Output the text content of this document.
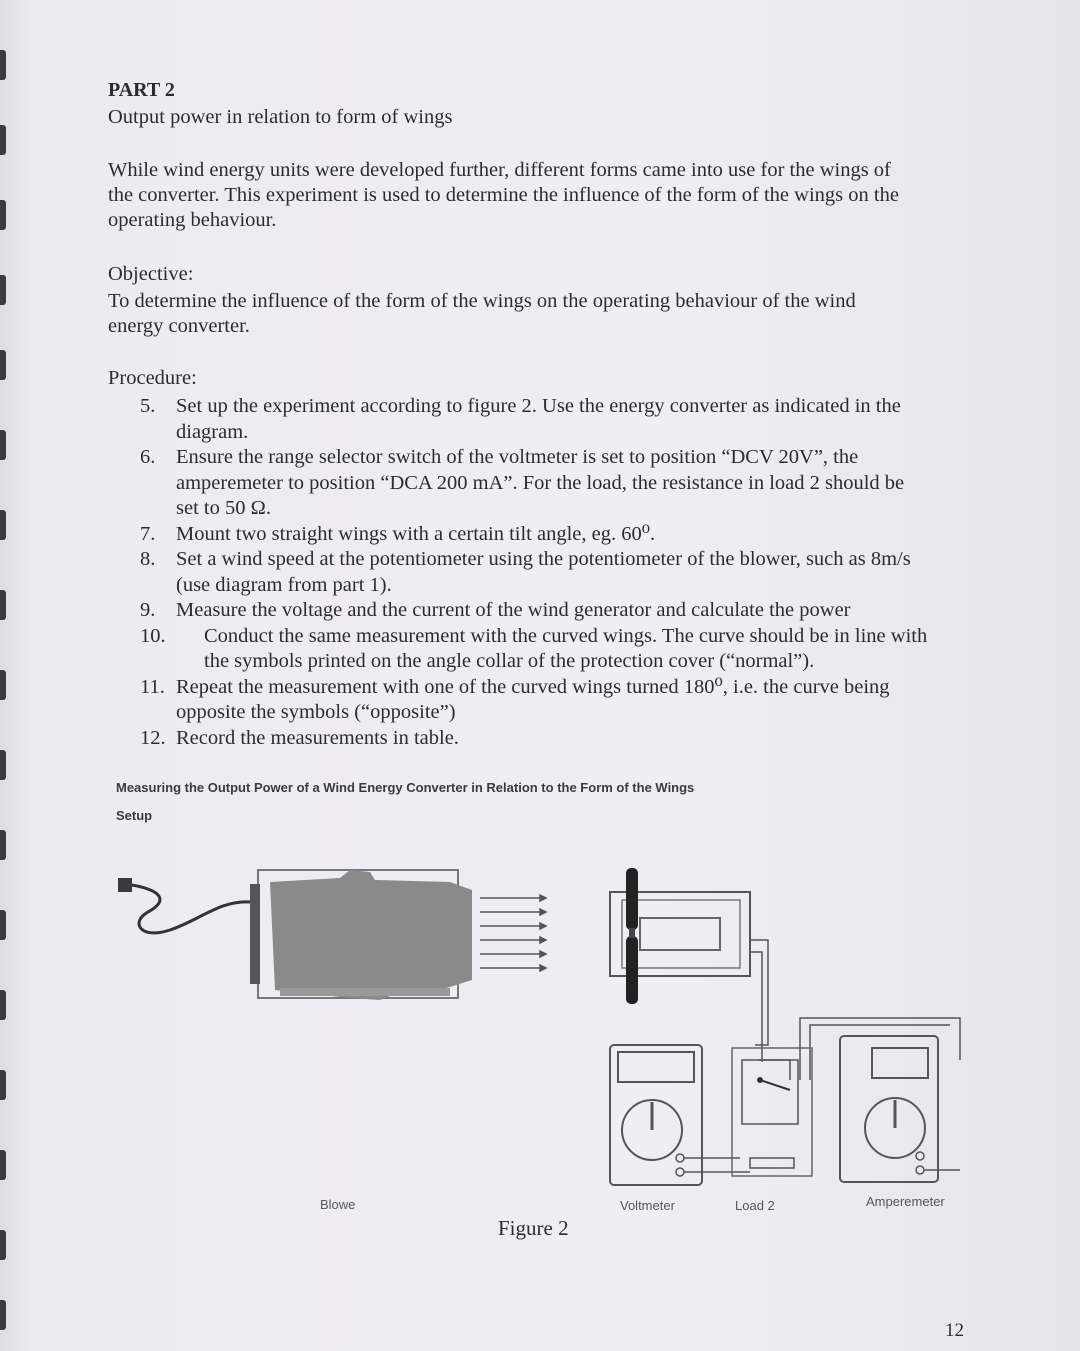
PART 2
Output power in relation to form of wings
While wind energy units were developed further, different forms came into use for the wings of
the converter. This experiment is used to determine the influence of the form of the wings on the
operating behaviour.
Objective:
To determine the influence of the form of the wings on the operating behaviour of the wind
energy converter.
Procedure:
5. Set up the experiment according to figure 2. Use the energy converter as indicated in the
diagram.
6. Ensure the range selector switch of the voltmeter is set to position “DCV 20V”, the
amperemeter to position “DCA 200 mA”. For the load, the resistance in load 2 should be
set to 50 Ω.
7. Mount two straight wings with a certain tilt angle, eg. 60⁰.
8. Set a wind speed at the potentiometer using the potentiometer of the blower, such as 8m/s
(use diagram from part 1).
9. Measure the voltage and the current of the wind generator and calculate the power
10. Conduct the same measurement with the curved wings. The curve should be in line with
the symbols printed on the angle collar of the protection cover (“normal”).
11. Repeat the measurement with one of the curved wings turned 180⁰, i.e. the curve being
opposite the symbols (“opposite”)
12. Record the measurements in table.
Measuring the Output Power of a Wind Energy Converter in Relation to the Form of the Wings
Setup
Blowe	Voltmeter	Load 2	Amperemeter
Figure 2
12
